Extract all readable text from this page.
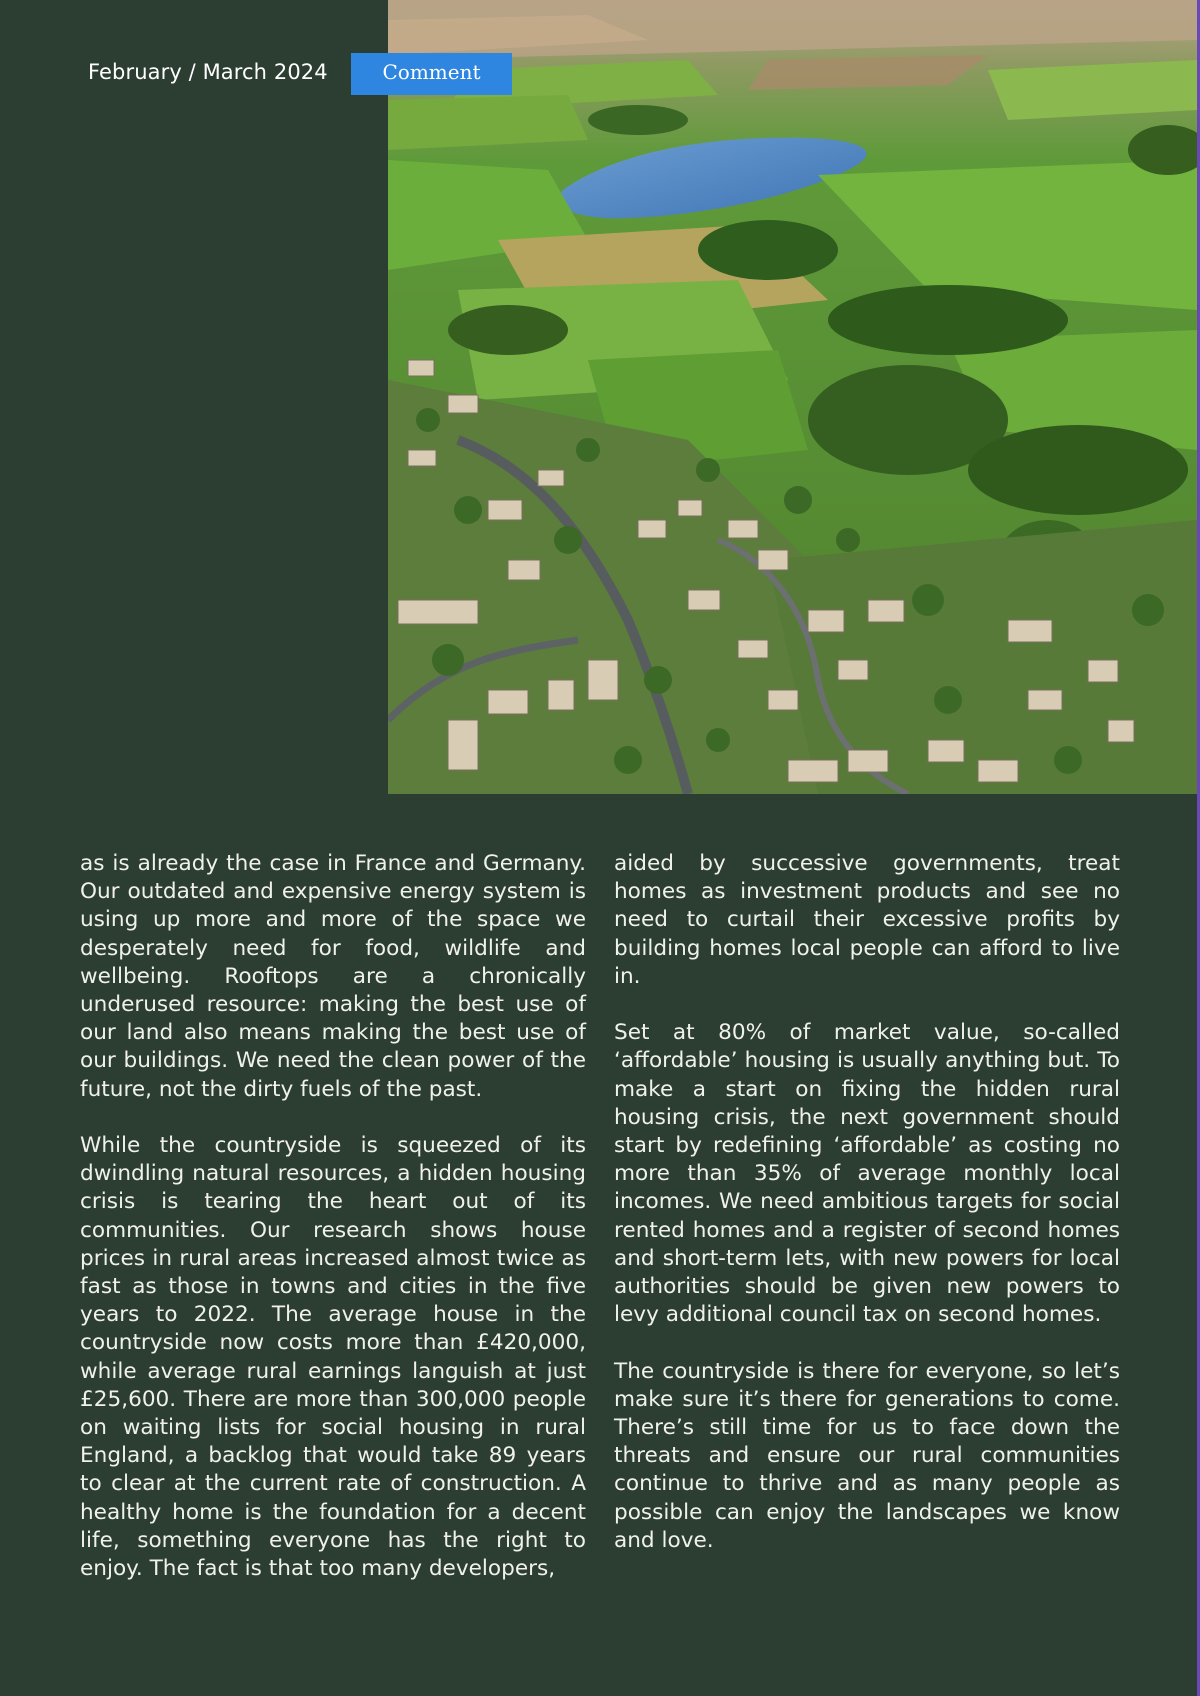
February / March 2024	Comment

as is already the case in France and Germany. Our outdated and expensive energy system is using up more and more of the space we desperately need for food, wildlife and wellbeing. Rooftops are a chronically underused resource: making the best use of our land also means making the best use of our buildings. We need the clean power of the future, not the dirty fuels of the past.

While the countryside is squeezed of its dwindling natural resources, a hidden housing crisis is tearing the heart out of its communities. Our research shows house prices in rural areas increased almost twice as fast as those in towns and cities in the five years to 2022. The average house in the countryside now costs more than £420,000, while average rural earnings languish at just £25,600. There are more than 300,000 people on waiting lists for social housing in rural England, a backlog that would take 89 years to clear at the current rate of construction. A healthy home is the foundation for a decent life, something everyone has the right to enjoy. The fact is that too many developers,

aided by successive governments, treat homes as investment products and see no need to curtail their excessive profits by building homes local people can afford to live in.

Set at 80% of market value, so-called ‘affordable’ housing is usually anything but. To make a start on fixing the hidden rural housing crisis, the next government should start by redefining ‘affordable’ as costing no more than 35% of average monthly local incomes. We need ambitious targets for social rented homes and a register of second homes and short-term lets, with new powers for local authorities should be given new powers to levy additional council tax on second homes.

The countryside is there for everyone, so let’s make sure it’s there for generations to come. There’s still time for us to face down the threats and ensure our rural communities continue to thrive and as many people as possible can enjoy the landscapes we know and love.
